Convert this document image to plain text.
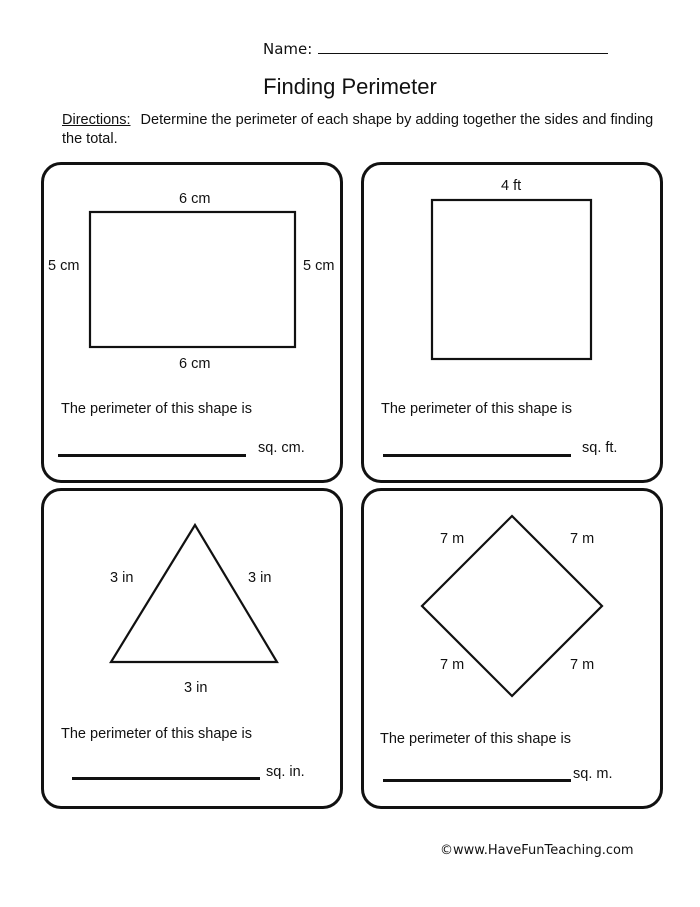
Name:
Finding Perimeter
Directions: Determine the perimeter of each shape by adding together the sides and finding the total.
6 cm
5 cm	5 cm
6 cm
The perimeter of this shape is
sq. cm.
4 ft
The perimeter of this shape is
sq. ft.
3 in	3 in
3 in
The perimeter of this shape is
sq. in.
7 m	7 m
7 m	7 m
The perimeter of this shape is
sq. m.
©www.HaveFunTeaching.com
